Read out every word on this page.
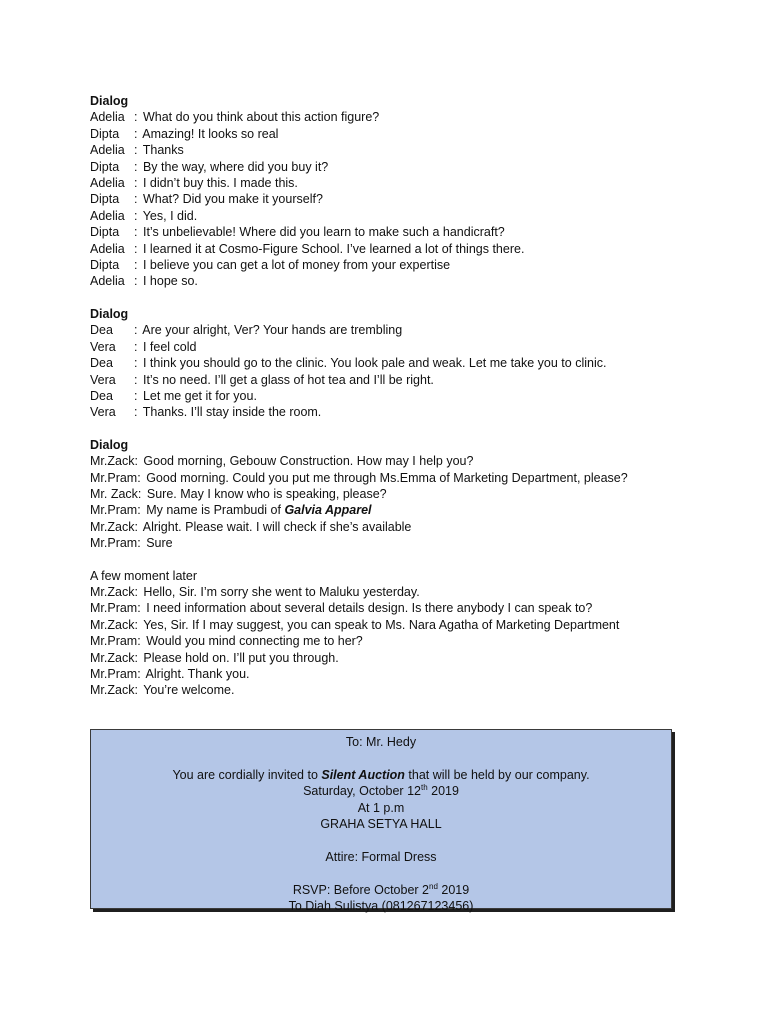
Dialog
Adelia : What do you think about this action figure?
Dipta : Amazing! It looks so real
Adelia : Thanks
Dipta : By the way, where did you buy it?
Adelia : I didn’t buy this. I made this.
Dipta : What? Did you make it yourself?
Adelia : Yes, I did.
Dipta : It’s unbelievable! Where did you learn to make such a handicraft?
Adelia : I learned it at Cosmo-Figure School. I’ve learned a lot of things there.
Dipta : I believe you can get a lot of money from your expertise
Adelia : I hope so.
Dialog
Dea : Are your alright, Ver? Your hands are trembling
Vera : I feel cold
Dea : I think you should go to the clinic. You look pale and weak. Let me take you to clinic.
Vera : It’s no need. I’ll get a glass of hot tea and I’ll be right.
Dea : Let me get it for you.
Vera : Thanks. I’ll stay inside the room.
Dialog
Mr.Zack: Good morning, Gebouw Construction. How may I help you?
Mr.Pram: Good morning. Could you put me through Ms.Emma of Marketing Department, please?
Mr. Zack: Sure. May I know who is speaking, please?
Mr.Pram: My name is Prambudi of Galvia Apparel
Mr.Zack: Alright. Please wait. I will check if she’s available
Mr.Pram: Sure
A few moment later
Mr.Zack: Hello, Sir. I’m sorry she went to Maluku yesterday.
Mr.Pram: I need information about several details design. Is there anybody I can speak to?
Mr.Zack: Yes, Sir. If I may suggest, you can speak to Ms. Nara Agatha of Marketing Department
Mr.Pram: Would you mind connecting me to her?
Mr.Zack: Please hold on. I’ll put you through.
Mr.Pram: Alright. Thank you.
Mr.Zack: You’re welcome.
To: Mr. Hedy
You are cordially invited to Silent Auction that will be held by our company.
Saturday, October 12th 2019
At 1 p.m
GRAHA SETYA HALL
Attire: Formal Dress
RSVP: Before October 2nd 2019
To Diah Sulistya (081267123456)
